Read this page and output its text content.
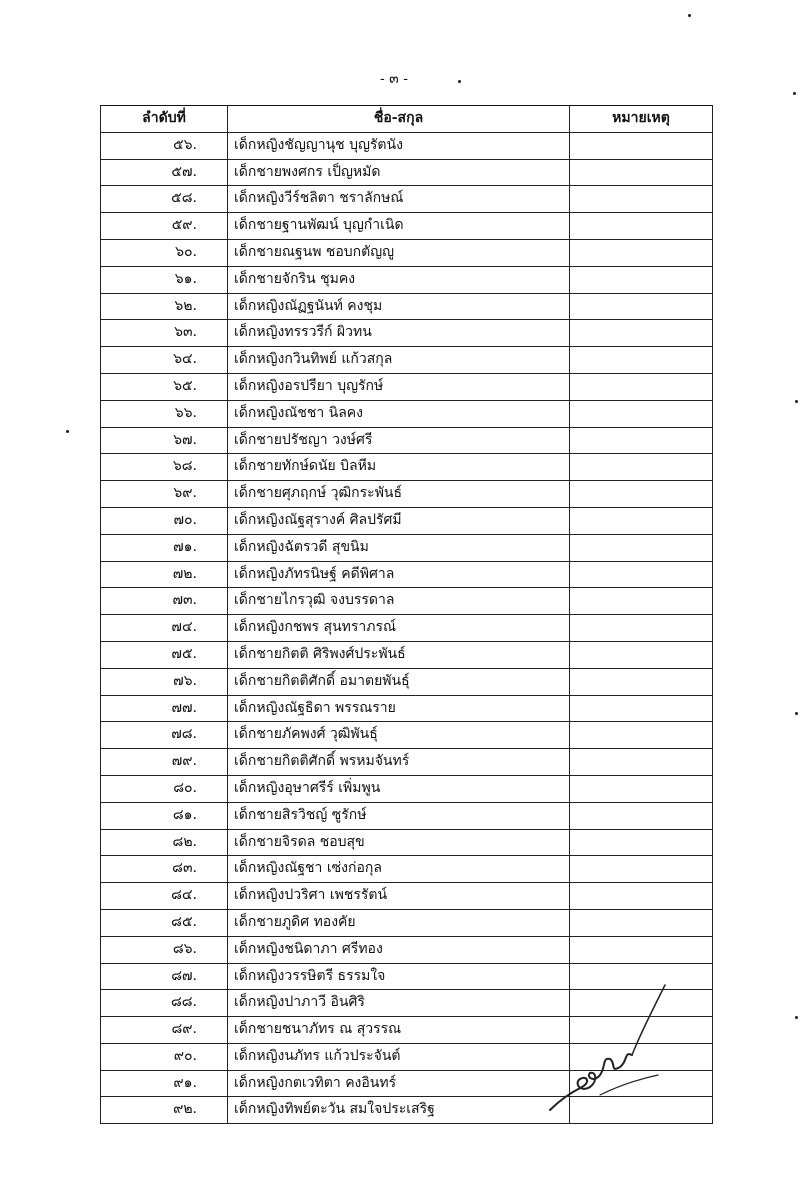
- ๓ -
ลำดับที่	ชื่อ-สกุล	หมายเหตุ
๕๖.	เด็กหญิงชัญญานุช บุญรัตนัง	
๕๗.	เด็กชายพงศกร เป็ญหมัด	
๕๘.	เด็กหญิงวีร์ชลิตา ชราลักษณ์	
๕๙.	เด็กชายฐานพัฒน์ บุญกำเนิด	
๖๐.	เด็กชายณฐนพ ชอบกตัญญู	
๖๑.	เด็กชายจักริน ชุมคง	
๖๒.	เด็กหญิงณัฏฐนันท์ คงชุม	
๖๓.	เด็กหญิงทรรวรีก์ ผิวทน	
๖๔.	เด็กหญิงกวินทิพย์ แก้วสกุล	
๖๕.	เด็กหญิงอรปรียา บุญรักษ์	
๖๖.	เด็กหญิงณัชชา นิลคง	
๖๗.	เด็กชายปรัชญา วงษ์ศรี	
๖๘.	เด็กชายทักษ์ดนัย บิลหีม	
๖๙.	เด็กชายศุภฤกษ์ วุฒิกระพันธ์	
๗๐.	เด็กหญิงณัฐสุรางค์ ศิลปรัศมี	
๗๑.	เด็กหญิงฉัตรวดี สุขนิม	
๗๒.	เด็กหญิงภัทรนิษฐ์ คดีพิศาล	
๗๓.	เด็กชายไกรวุฒิ จงบรรดาล	
๗๔.	เด็กหญิงกชพร สุนทราภรณ์	
๗๕.	เด็กชายกิตติ ศิริพงศ์ประพันธ์	
๗๖.	เด็กชายกิตติศักดิ์ อมาตยพันธุ์	
๗๗.	เด็กหญิงณัฐธิดา พรรณราย	
๗๘.	เด็กชายภัคพงศ์ วุฒิพันธุ์	
๗๙.	เด็กชายกิตติศักดิ์ พรหมจันทร์	
๘๐.	เด็กหญิงอุษาศรีร์ เพิ่มพูน	
๘๑.	เด็กชายสิรวิชญ์ ซูรักษ์	
๘๒.	เด็กชายจิรดล ชอบสุข	
๘๓.	เด็กหญิงณัฐชา เซ่งก่อกุล	
๘๔.	เด็กหญิงปวริศา เพชรรัตน์	
๘๕.	เด็กชายภูดิศ ทองคัย	
๘๖.	เด็กหญิงชนิดาภา ศรีทอง	
๘๗.	เด็กหญิงวรรษิตรี ธรรมใจ	
๘๘.	เด็กหญิงปาภาวี อินศิริ	
๘๙.	เด็กชายชนาภัทร ณ สุวรรณ	
๙๐.	เด็กหญิงนภัทร แก้วประจันต์	
๙๑.	เด็กหญิงกตเวทิตา คงอินทร์	
๙๒.	เด็กหญิงทิพย์ตะวัน สมใจประเสริฐ	
